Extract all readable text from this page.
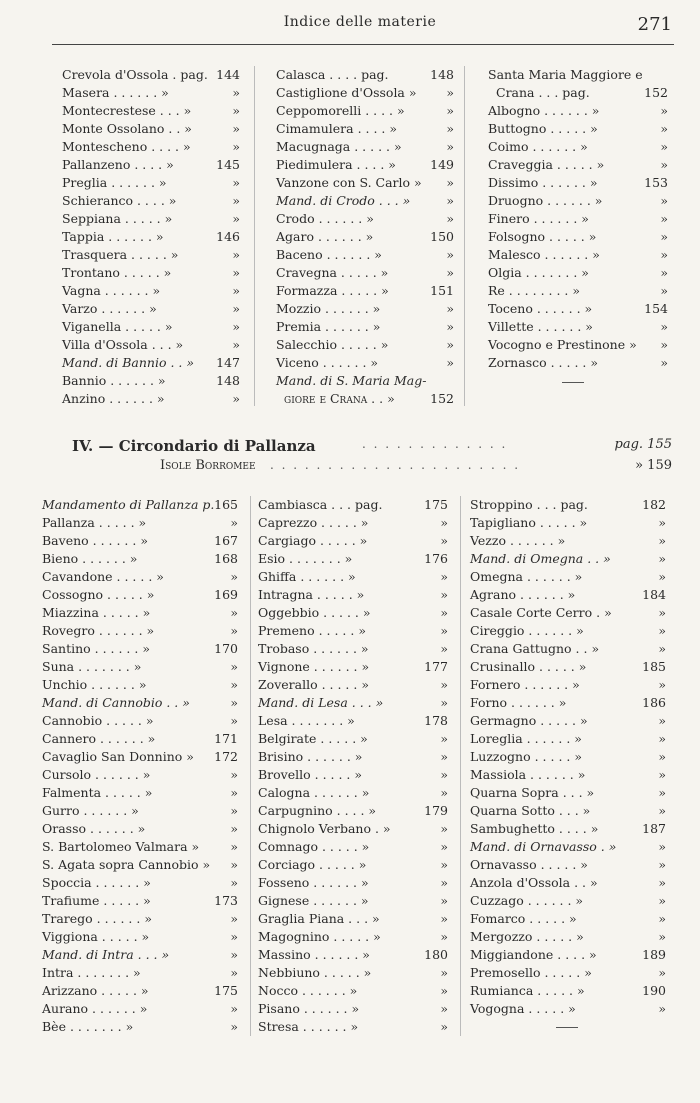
Indice delle materie	271
Crevola d'Ossola . pag. 144
Masera . . . . . . »	»
Montecrestese . . . »	»
Monte Ossolano . . »	»
Montescheno . . . . »	»
Pallanzeno . . . . »	145
Preglia . . . . . . »	»
Schieranco . . . . »	»
Seppiana . . . . . »	»
Tappia . . . . . . »	146
Trasquera . . . . . »	»
Trontano . . . . . »	»
Vagna . . . . . . »	»
Varzo . . . . . . »	»
Viganella . . . . . »	»
Villa d'Ossola . . . »	»
Mand. di Bannio . . » 147
Bannio . . . . . . »	148
Anzino . . . . . . »	»
Calasca . . . . pag.	148
Castiglione d'Ossola » »
Ceppomorelli . . . . »	»
Cimamulera . . . . »	»
Macugnaga . . . . . »	»
Piedimulera . . . . »	149
Vanzone con S. Carlo » »
Mand. di Crodo . . . »	»
Crodo . . . . . . »	»
Agaro . . . . . . »	150
Baceno . . . . . . »	»
Cravegna . . . . . »	»
Formazza . . . . . »	151
Mozzio . . . . . . »	»
Premia . . . . . . »	»
Salecchio . . . . . »	»
Viceno . . . . . . »	»
Mand. di S. Maria Mag-
giore e Crana . . »	152
Santa Maria Maggiore e
Crana . . . pag.	152
Albogno . . . . . . »	»
Buttogno . . . . . »	»
Coimo . . . . . . »	»
Craveggia . . . . . »	»
Dissimo . . . . . . »	153
Druogno . . . . . . »	»
Finero . . . . . . »	»
Folsogno . . . . . »	»
Malesco . . . . . . »	»
Olgia . . . . . . . »	»
Re . . . . . . . . »	»
Toceno . . . . . . »	154
Villette . . . . . . »	»
Vocogno e Prestinone » »
Zornasco . . . . . »	»
IV. — Circondario di Pallanza	. . . . . . . . . . . . .	pag. 155
Isole Borromee . . . . . . . . . . . . . . . . . . . . . .	» 159
Mandamento di Pallanza p. 165
Pallanza . . . . . »	»
Baveno . . . . . . »	167
Bieno . . . . . . »	168
Cavandone . . . . . »	»
Cossogno . . . . . »	169
Miazzina . . . . . »	»
Rovegro . . . . . . »	»
Santino . . . . . . »	170
Suna . . . . . . . »	»
Unchio . . . . . . »	»
Mand. di Cannobio . . »	»
Cannobio . . . . . »	»
Cannero . . . . . . »	171
Cavaglio San Donnino » 172
Cursolo . . . . . . »	»
Falmenta . . . . . »	»
Gurro . . . . . . »	»
Orasso . . . . . . »	»
S. Bartolomeo Valmara » »
S. Agata sopra Cannobio » »
Spoccia . . . . . . »	»
Trafiume . . . . . »	173
Trarego . . . . . . »	»
Viggiona . . . . . »	»
Mand. di Intra . . . »	»
Intra . . . . . . . »	»
Arizzano . . . . . »	175
Aurano . . . . . . »	»
Bèe . . . . . . . »	»
Cambiasca . . . pag.	175
Caprezzo . . . . . »	»
Cargiago . . . . . »	»
Esio . . . . . . . »	176
Ghiffa . . . . . . »	»
Intragna . . . . . »	»
Oggebbio . . . . . »	»
Premeno . . . . . »	»
Trobaso . . . . . . »	»
Vignone . . . . . . »	177
Zoverallo . . . . . »	»
Mand. di Lesa . . . »	»
Lesa . . . . . . . »	178
Belgirate . . . . . »	»
Brisino . . . . . . »	»
Brovello . . . . . »	»
Calogna . . . . . . »	»
Carpugnino . . . . »	179
Chignolo Verbano . »	»
Comnago . . . . . »	»
Corciago . . . . . »	»
Fosseno . . . . . . »	»
Gignese . . . . . . »	»
Graglia Piana . . . »	»
Magognino . . . . . »	»
Massino . . . . . . »	180
Nebbiuno . . . . . »	»
Nocco . . . . . . »	»
Pisano . . . . . . »	»
Stresa . . . . . . »	»
Stroppino . . . pag.	182
Tapigliano . . . . . »	»
Vezzo . . . . . . »	»
Mand. di Omegna . . »	»
Omegna . . . . . . »	»
Agrano . . . . . . »	184
Casale Corte Cerro . »	»
Cireggio . . . . . . »	»
Crana Gattugno . . »	»
Crusinallo . . . . . »	185
Fornero . . . . . . »	»
Forno . . . . . . »	186
Germagno . . . . . »	»
Loreglia . . . . . . »	»
Luzzogno . . . . . »	»
Massiola . . . . . . »	»
Quarna Sopra . . . »	»
Quarna Sotto . . . »	»
Sambughetto . . . . »	187
Mand. di Ornavasso . »	»
Ornavasso . . . . . »	»
Anzola d'Ossola . . »	»
Cuzzago . . . . . . »	»
Fomarco . . . . . »	»
Mergozzo . . . . . »	»
Miggiandone . . . . »	189
Premosello . . . . . »	»
Rumianca . . . . . »	190
Vogogna . . . . . »	»
